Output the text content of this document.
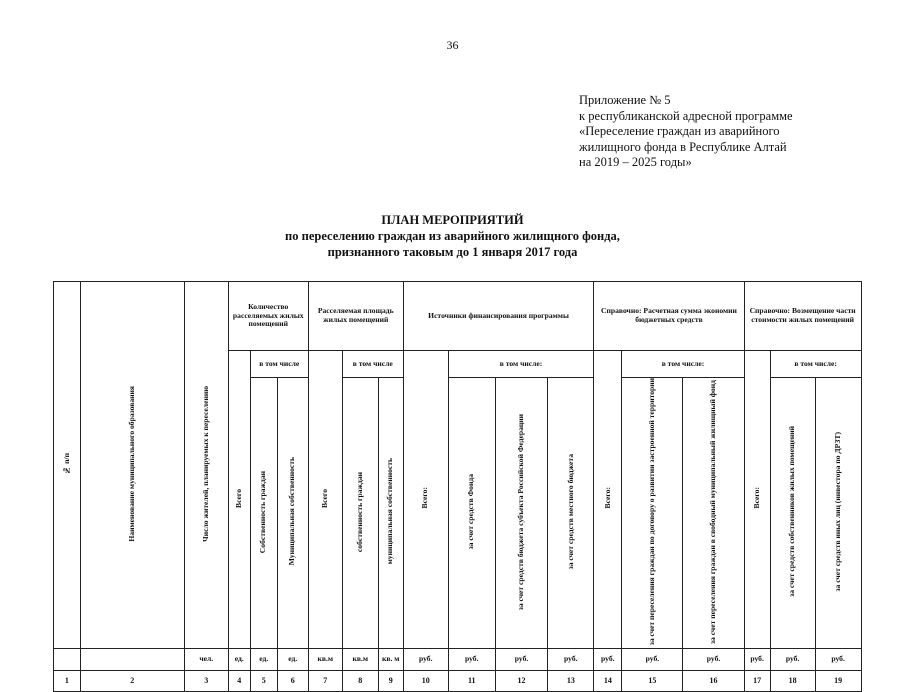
36
Приложение № 5
к республиканской адресной программе
«Переселение граждан из аварийного
жилищного фонда в Республике Алтай
на 2019 – 2025 годы»
ПЛАН МЕРОПРИЯТИЙ
по переселению граждан из аварийного жилищного фонда,
признанного таковым до 1 января 2017 года
№ п/п	Наименование муниципального образования	Число жителей, планируемых к переселению	Количество расселяемых жилых помещений			Расселяемая площадь жилых помещений			Источники финансирования программы				Справочно: Расчетная сумма экономии бюджетных средств			Справочно: Возмещение части стоимости жилых помещений		
			Всего	в том числе		Всего	в том числе		Всего:	в том числе:			Всего:	в том числе:		Всего:	в том числе:	
				Собственность граждан	Муниципальная собственность		собственность граждан	муниципальная собственность		за счет средств Фонда	за счет средств бюджета субъекта Российской Федерации	за счет средств местного бюджета		за счет переселения граждан по договору о развитии застроенной территории	за счет переселения граждан в свободный муниципальный жилищный фонд		за счет средств собственников жилых помещений	за счет средств иных лиц (инвестора по ДРЗТ)
		чел.	ед.	ед.	ед.	кв.м	кв.м	кв. м	руб.	руб.	руб.	руб.	руб.	руб.	руб.	руб.	руб.	руб.
1	2	3	4	5	6	7	8	9	10	11	12	13	14	15	16	17	18	19
